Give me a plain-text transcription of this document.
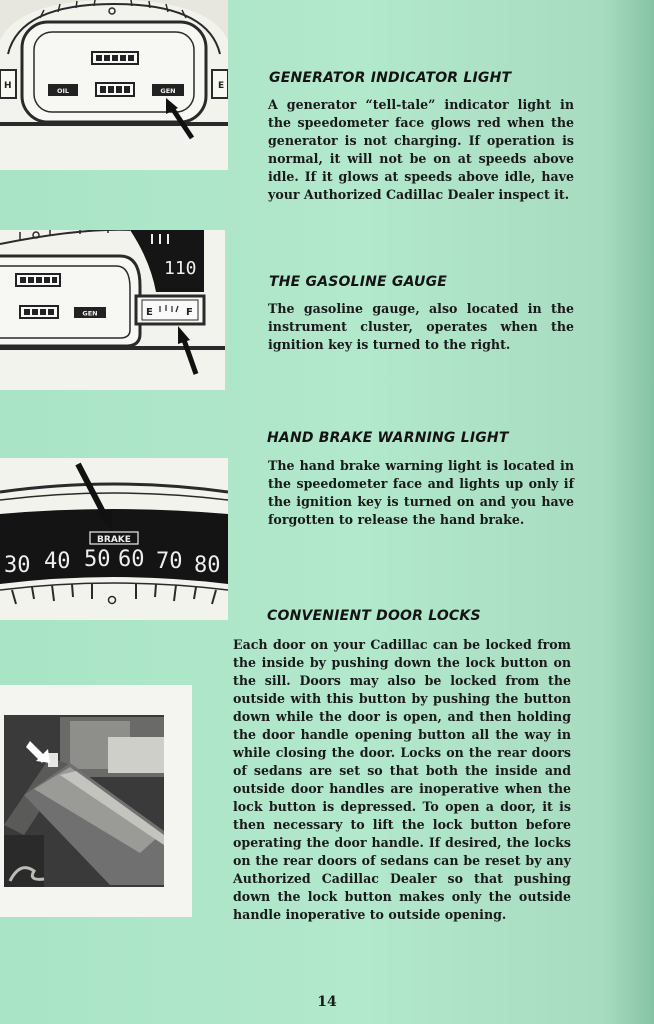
H	E
OIL	GEN
110
GEN	E	F
BRAKE
30 40 50 60 70 80
GENERATOR INDICATOR LIGHT

A generator “tell-tale” indicator light in the speedometer face glows red when the generator is not charging. If operation is normal, it will not be on at speeds above idle. If it glows at speeds above idle, have your Authorized Cadillac Dealer inspect it.

THE GASOLINE GAUGE

The gasoline gauge, also located in the instrument cluster, operates when the ignition key is turned to the right.

HAND BRAKE WARNING LIGHT

The hand brake warning light is located in the speedometer face and lights up only if the ignition key is turned on and you have forgotten to release the hand brake.

CONVENIENT DOOR LOCKS

Each door on your Cadillac can be locked from the inside by pushing down the lock button on the sill. Doors may also be locked from the outside with this button by pushing the button down while the door is open, and then holding the door handle opening button all the way in while closing the door. Locks on the rear doors of sedans are set so that both the inside and outside door handles are inoperative when the lock button is depressed. To open a door, it is then necessary to lift the lock button before operating the door handle. If desired, the locks on the rear doors of sedans can be reset by any Authorized Cadillac Dealer so that pushing down the lock button makes only the outside handle inoperative to outside opening.

14
